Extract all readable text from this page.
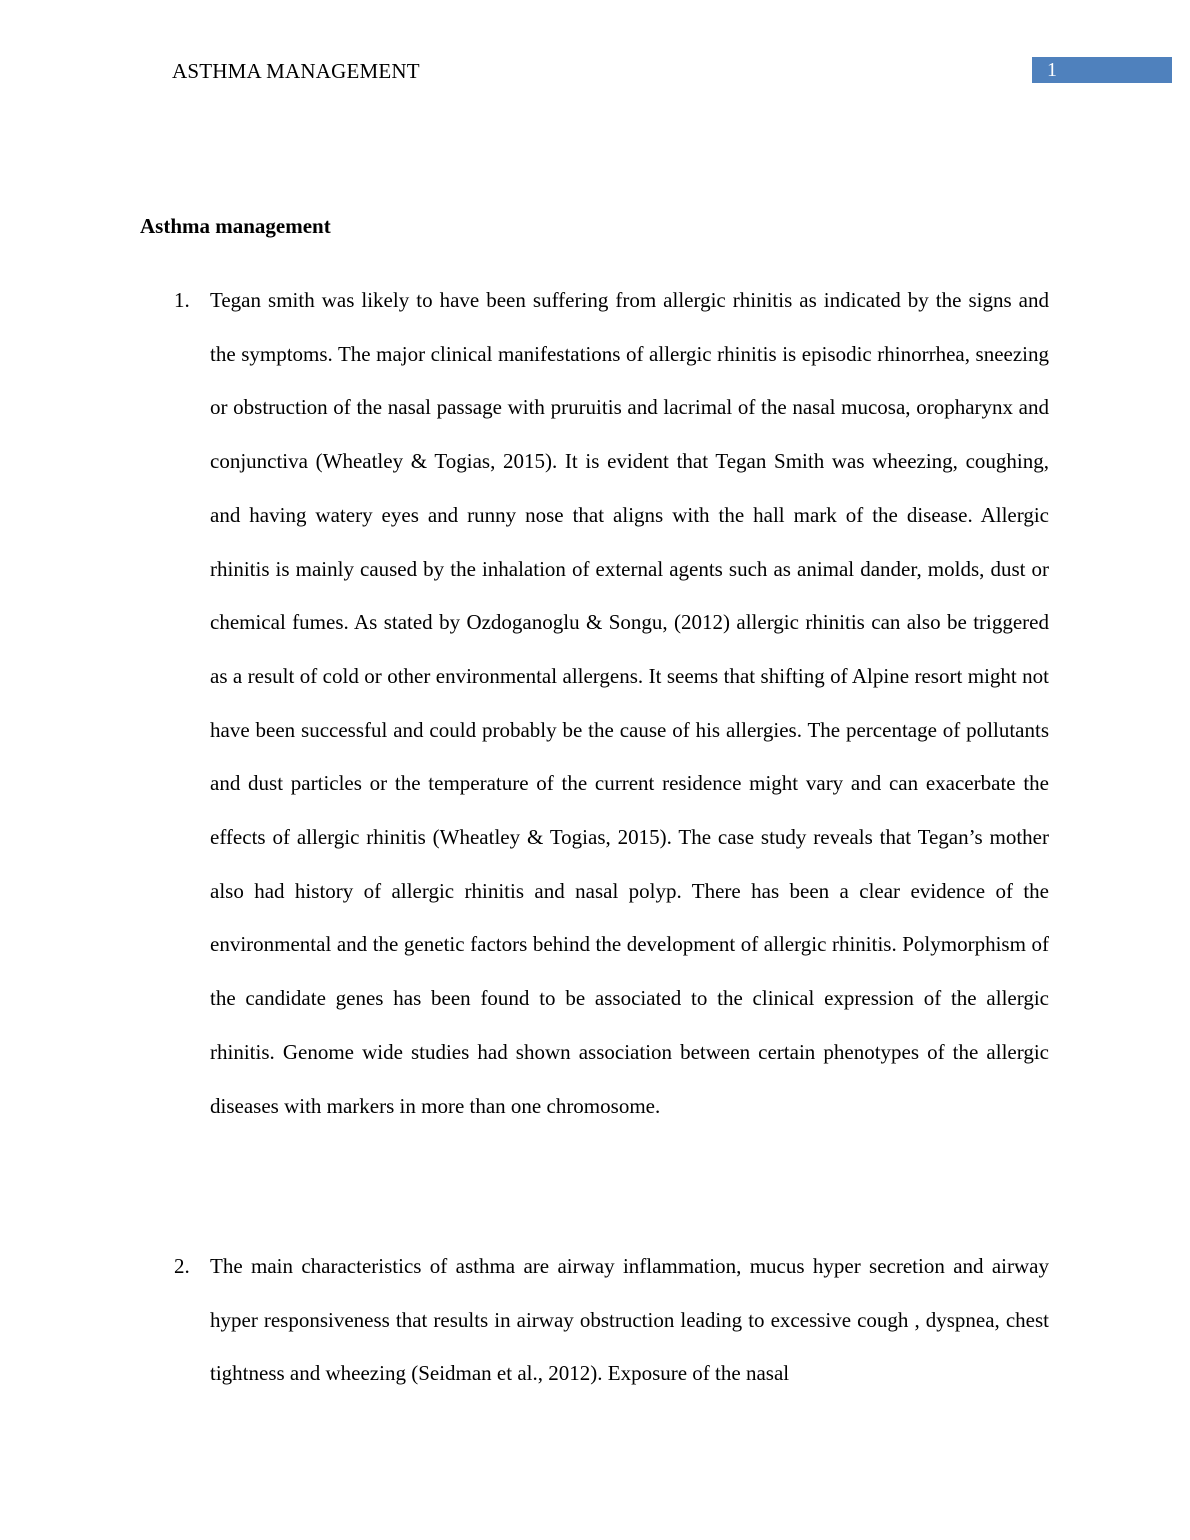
ASTHMA MANAGEMENT	1
Asthma management
1. Tegan smith was likely to have been suffering from allergic rhinitis as indicated by the signs and the symptoms. The major clinical manifestations of allergic rhinitis is episodic rhinorrhea, sneezing or obstruction of the nasal passage with pruruitis and lacrimal of the nasal mucosa, oropharynx and conjunctiva (Wheatley & Togias, 2015). It is evident that Tegan Smith was wheezing, coughing, and having watery eyes and runny nose that aligns with the hall mark of the disease. Allergic rhinitis is mainly caused by the inhalation of external agents such as animal dander, molds, dust or chemical fumes. As stated by Ozdoganoglu & Songu, (2012) allergic rhinitis can also be triggered as a result of cold or other environmental allergens. It seems that shifting of Alpine resort might not have been successful and could probably be the cause of his allergies. The percentage of pollutants and dust particles or the temperature of the current residence might vary and can exacerbate the effects of allergic rhinitis (Wheatley & Togias, 2015). The case study reveals that Tegan’s mother also had history of allergic rhinitis and nasal polyp. There has been a clear evidence of the environmental and the genetic factors behind the development of allergic rhinitis. Polymorphism of the candidate genes has been found to be associated to the clinical expression of the allergic rhinitis. Genome wide studies had shown association between certain phenotypes of the allergic diseases with markers in more than one chromosome.

2. The main characteristics of asthma are airway inflammation, mucus hyper secretion and airway hyper responsiveness that results in airway obstruction leading to excessive cough , dyspnea, chest tightness and wheezing (Seidman et al., 2012). Exposure of the nasal
